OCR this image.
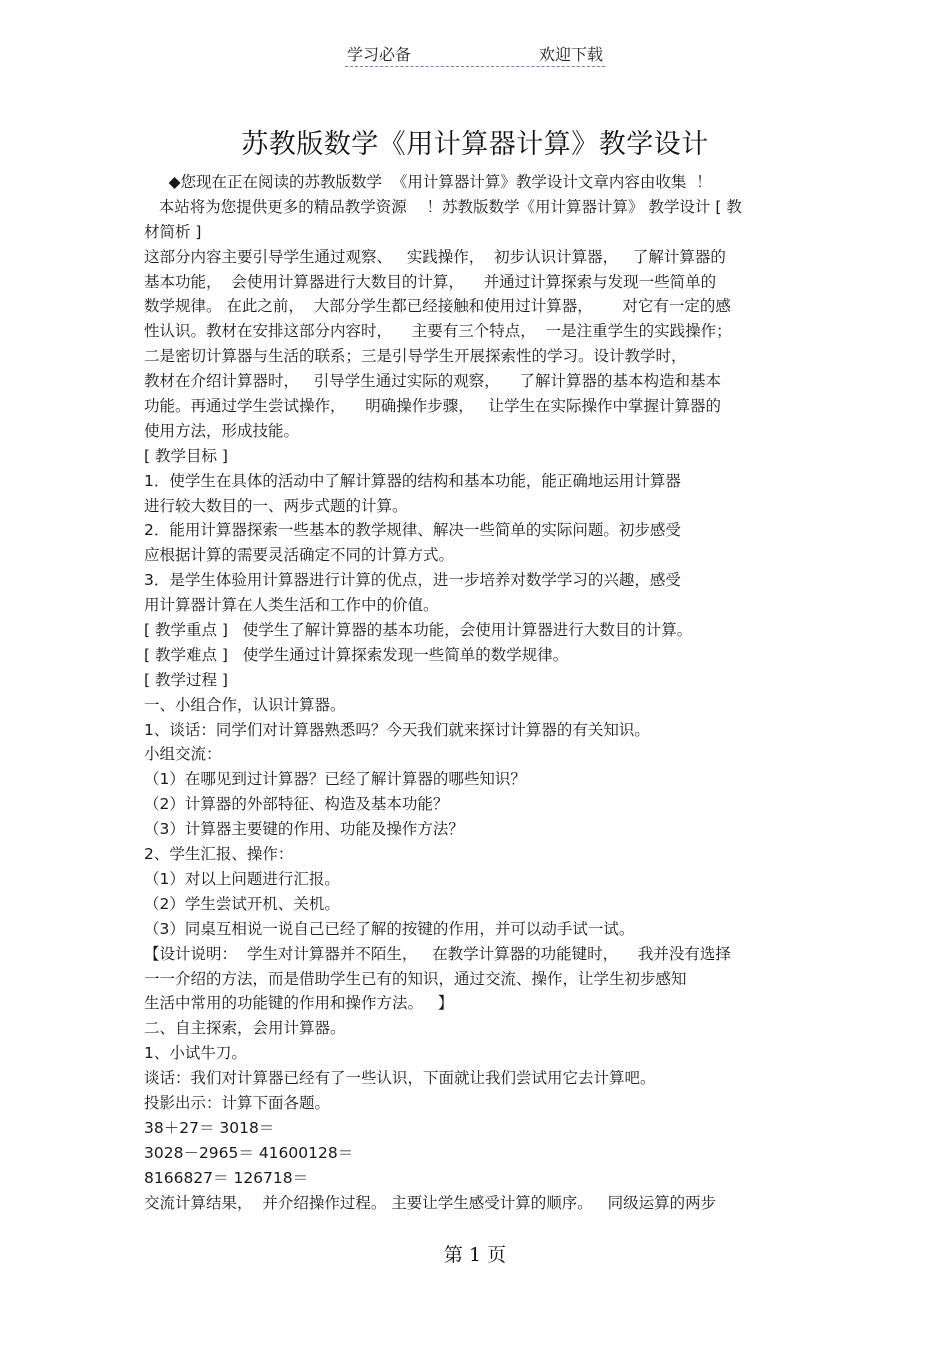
学习必备	欢迎下载
苏教版数学《用计算器计算》教学设计
◆您现在正在阅读的苏教版数学  《用计算器计算》教学设计文章内容由收集  ！
本站将为您提供更多的精品教学资源    ！苏教版数学《用计算器计算》 教学设计 [ 教
材简析 ]
这部分内容主要引导学生通过观察、   实践操作，  初步认识计算器，   了解计算器的
基本功能，  会使用计算器进行大数目的计算，    并通过计算探索与发现一些简单的
数学规律。 在此之前，  大部分学生都已经接触和使用过计算器，      对它有一定的感
性认识。教材在安排这部分内容时，    主要有三个特点，  一是注重学生的实践操作；
二是密切计算器与生活的联系；三是引导学生开展探索性的学习。设计教学时，
教材在介绍计算器时，   引导学生通过实际的观察，    了解计算器的基本构造和基本
功能。再通过学生尝试操作，    明确操作步骤，   让学生在实际操作中掌握计算器的
使用方法，形成技能。
[ 教学目标 ]
1．使学生在具体的活动中了解计算器的结构和基本功能，能正确地运用计算器
进行较大数目的一、两步式题的计算。
2．能用计算器探索一些基本的教学规律、解决一些简单的实际问题。初步感受
应根据计算的需要灵活确定不同的计算方式。
3．是学生体验用计算器进行计算的优点，进一步培养对数学学习的兴趣，感受
用计算器计算在人类生活和工作中的价值。
[ 教学重点 ]   使学生了解计算器的基本功能，会使用计算器进行大数目的计算。
[ 教学难点 ]   使学生通过计算探索发现一些简单的数学规律。
[ 教学过程 ]
一、小组合作，认识计算器。
1、谈话：同学们对计算器熟悉吗？今天我们就来探讨计算器的有关知识。
小组交流：
（1）在哪见到过计算器？已经了解计算器的哪些知识？
（2）计算器的外部特征、构造及基本功能？
（3）计算器主要键的作用、功能及操作方法？
2、学生汇报、操作：
（1）对以上问题进行汇报。
（2）学生尝试开机、关机。
（3）同桌互相说一说自己已经了解的按键的作用，并可以动手试一试。
【设计说明：  学生对计算器并不陌生，   在教学计算器的功能键时，    我并没有选择
一一介绍的方法，而是借助学生已有的知识，通过交流、操作，让学生初步感知
生活中常用的功能键的作用和操作方法。   】
二、自主探索，会用计算器。
1、小试牛刀。
谈话：我们对计算器已经有了一些认识，下面就让我们尝试用它去计算吧。
投影出示：计算下面各题。
38＋27＝ 3018＝
3028－2965＝ 41600128＝
8166827＝ 126718＝
交流计算结果，  并介绍操作过程。 主要让学生感受计算的顺序。   同级运算的两步
第 1 页
